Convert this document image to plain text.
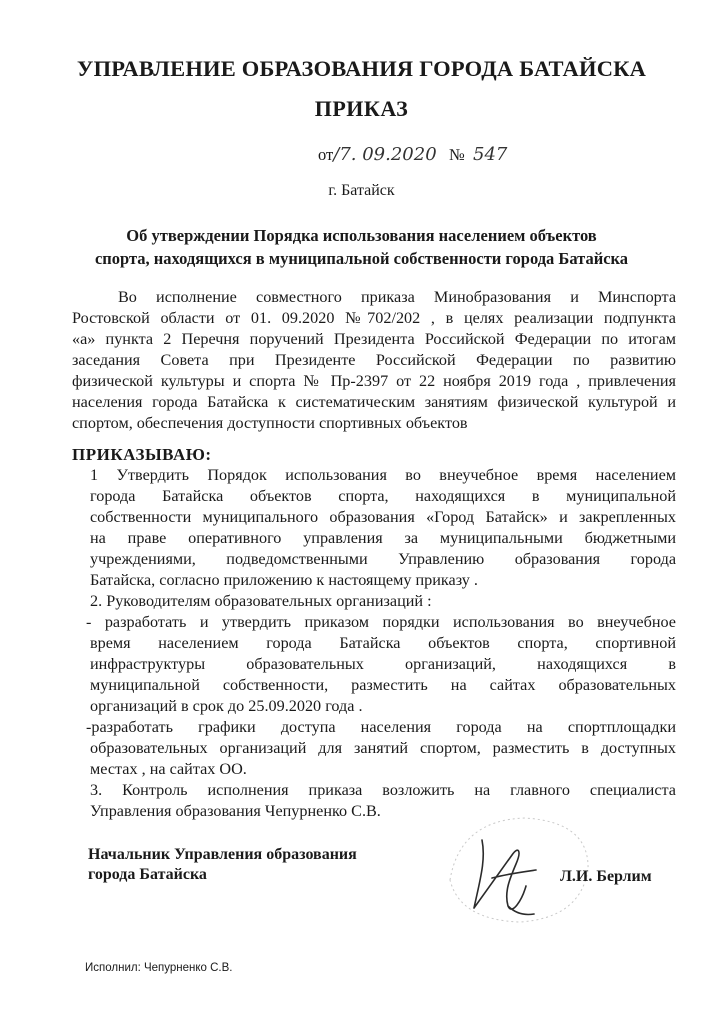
УПРАВЛЕНИЕ ОБРАЗОВАНИЯ ГОРОДА БАТАЙСКА
ПРИКАЗ
от/7. 09.2020 № 547
г. Батайск
Об утверждении Порядка использования населением объектов
спорта, находящихся в муниципальной собственности города Батайска
Во исполнение совместного приказа Минобразования и Минспорта
Ростовской области от 01. 09.2020 №702/202 , в целях реализации подпункта
«а» пункта 2 Перечня поручений Президента Российской Федерации по итогам
заседания Совета при Президенте Российской Федерации по развитию
физической культуры и спорта № Пр-2397 от 22 ноября 2019 года , привлечения
населения города Батайска к систематическим занятиям физической культурой и
спортом, обеспечения доступности спортивных объектов
ПРИКАЗЫВАЮ:
1 Утвердить Порядок использования во внеучебное время населением
города Батайска объектов спорта, находящихся в муниципальной
собственности муниципального образования «Город Батайск» и закрепленных
на праве оперативного управления за муниципальными бюджетными
учреждениями, подведомственными Управлению образования города
Батайска, согласно приложению к настоящему приказу .
2. Руководителям образовательных организаций :
- разработать и утвердить приказом порядки использования во внеучебное
время населением города Батайска объектов спорта, спортивной
инфраструктуры образовательных организаций, находящихся в
муниципальной собственности, разместить на сайтах образовательных
организаций в срок до 25.09.2020 года .
-разработать графики доступа населения города на спортплощадки
образовательных организаций для занятий спортом, разместить в доступных
местах , на сайтах ОО.
3. Контроль исполнения приказа возложить на главного специалиста
Управления образования Чепурненко С.В.
Начальник Управления образования
города Батайска	Л.И. Берлим
Исполнил: Чепурненко С.В.
